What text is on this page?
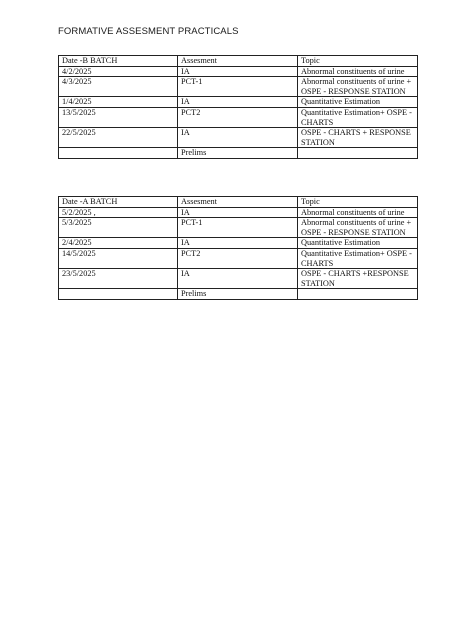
FORMATIVE ASSESMENT PRACTICALS
Date -B BATCH	Assesment	Topic
4/2/2025	IA	Abnormal constituents of urine
4/3/2025	PCT-1	Abnormal constituents of urine + OSPE - RESPONSE STATION
1/4/2025	IA	Quantitative Estimation
13/5/2025	PCT2	Quantitative Estimation+ OSPE - CHARTS
22/5/2025	IA	OSPE - CHARTS + RESPONSE STATION
	Prelims	
Date -A BATCH	Assesment	Topic
5/2/2025 ,	IA	Abnormal constituents of urine
5/3/2025	PCT-1	Abnormal constituents of urine + OSPE - RESPONSE STATION
2/4/2025	IA	Quantitative Estimation
14/5/2025	PCT2	Quantitative Estimation+ OSPE - CHARTS
23/5/2025	IA	OSPE - CHARTS +RESPONSE STATION
	Prelims	
